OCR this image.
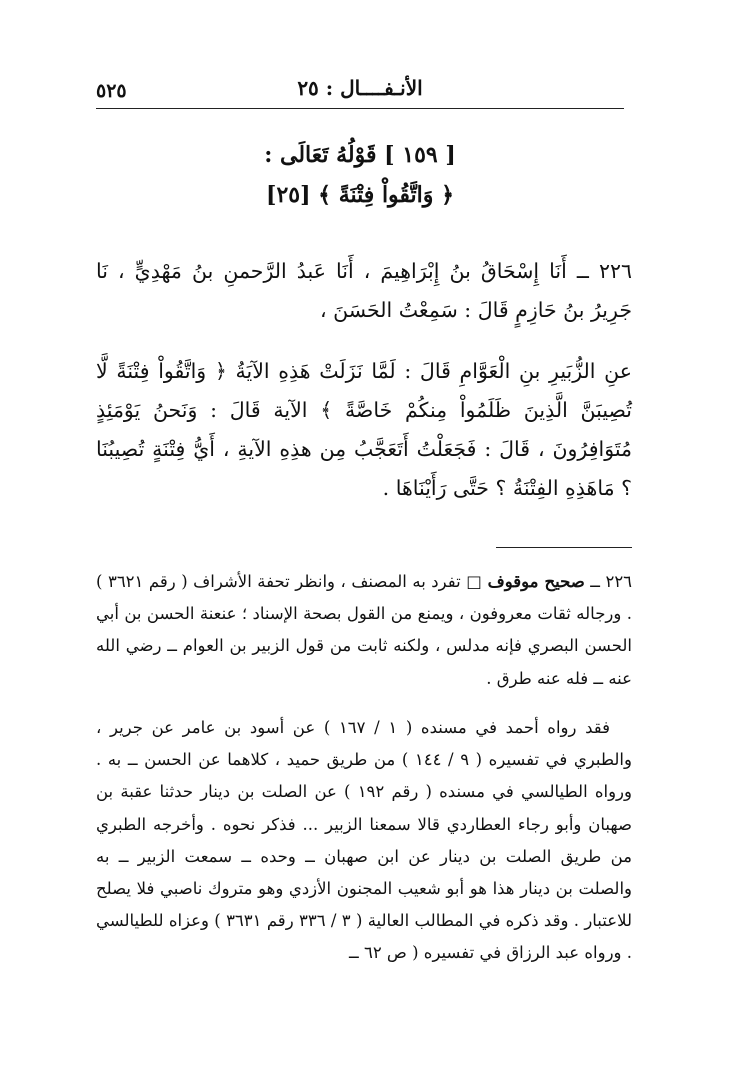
الأنـفــــال : ٢٥
٥٢٥
[ ١٥٩ ] قَوْلُهُ تَعَالَى :
﴿ وَاتَّقُواْ فِتْنَةً ﴾ [٢٥]
٢٢٦ ــ أَنَا إِسْحَاقُ بنُ إِبْرَاهِيمَ ، أَنَا عَبدُ الرَّحمنِ بنُ مَهْدِيٍّ ، نَا جَرِيرُ بنُ حَازِمٍ قَالَ : سَمِعْتُ الحَسَنَ ،
عنِ الزُّبَيرِ بنِ الْعَوَّامِ قَالَ : لَمَّا نَزَلَتْ هَذِهِ الآيَةُ ﴿ وَاتَّقُواْ فِتْنَةً لَّا تُصِيبَنَّ الَّذِينَ ظَلَمُواْ مِنكُمْ خَاصَّةً ﴾ الآية قَالَ : وَنَحنُ يَوْمَئِذٍ مُتَوَافِرُونَ ، قَالَ : فَجَعَلْتُ أَتَعَجَّبُ مِن هذِهِ الآيةِ ، أَيُّ فِتْنَةٍ تُصِيبُنَا ؟ مَاهَذِهِ الفِتْنَةُ ؟ حَتَّى رَأَيْنَاهَا .
٢٢٦ ــ صحيح موقوف □ تفرد به المصنف ، وانظر تحفة الأشراف ( رقم ٣٦٢١ ) . ورجاله ثقات معروفون ، ويمنع من القول بصحة الإسناد ؛ عنعنة الحسن بن أبي الحسن البصري فإنه مدلس ، ولكنه ثابت من قول الزبير بن العوام ــ رضي الله عنه ــ فله عنه طرق .
فقد رواه أحمد في مسنده ( ١ / ١٦٧ ) عن أسود بن عامر عن جرير ، والطبري في تفسيره ( ٩ / ١٤٤ ) من طريق حميد ، كلاهما عن الحسن ــ به . ورواه الطيالسي في مسنده ( رقم ١٩٢ ) عن الصلت بن دينار حدثنا عقبة بن صهبان وأبو رجاء العطاردي قالا سمعنا الزبير ... فذكر نحوه . وأخرجه الطبري من طريق الصلت بن دينار عن ابن صهبان ــ وحده ــ سمعت الزبير ــ به والصلت بن دينار هذا هو أبو شعيب المجنون الأزدي وهو متروك ناصبي فلا يصلح للاعتبار . وقد ذكره في المطالب العالية ( ٣ / ٣٣٦ رقم ٣٦٣١ ) وعزاه للطيالسي . ورواه عبد الرزاق في تفسيره ( ص ٦٢ ــ
